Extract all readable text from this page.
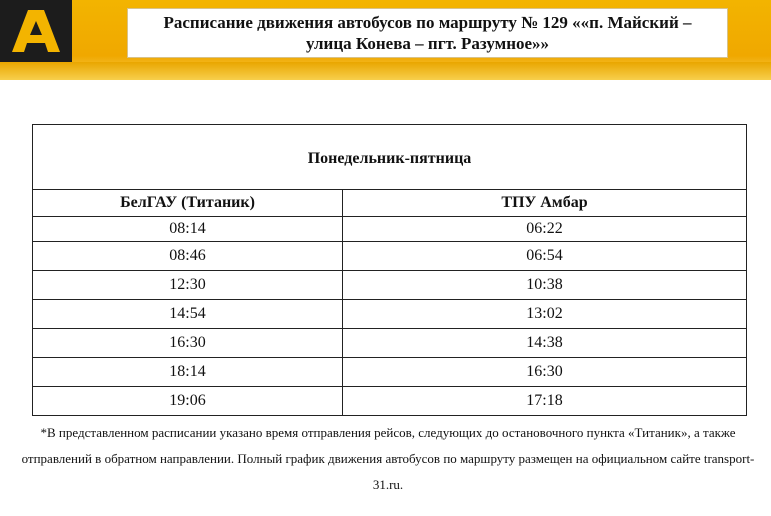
Расписание движения автобусов по маршруту № 129 ««п. Майский – улица Конева – пгт. Разумное»»
Понедельник-пятница	
БелГАУ (Титаник)	ТПУ Амбар
08:14	06:22
08:46	06:54
12:30	10:38
14:54	13:02
16:30	14:38
18:14	16:30
19:06	17:18
*В представленном расписании указано время отправления рейсов, следующих до остановочного пункта «Титаник», а также отправлений в обратном направлении. Полный график движения автобусов по маршруту размещен на официальном сайте transport-31.ru.
